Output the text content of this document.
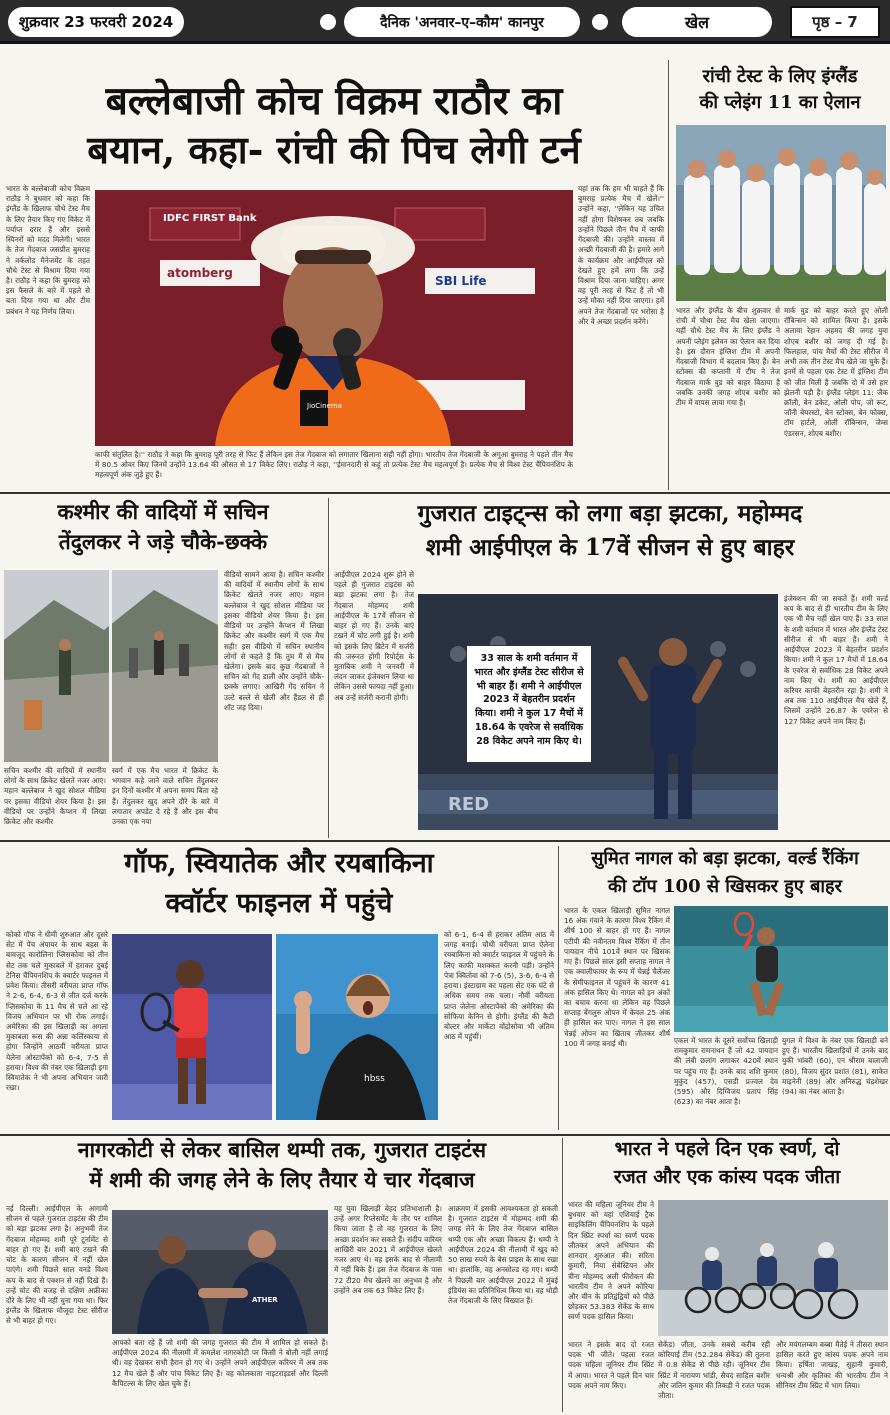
शुक्रवार 23 फरवरी 2024	दैनिक 'अनवार–ए–कौम' कानपुर	खेल	पृष्ठ – 7
बल्लेबाजी कोच विक्रम राठौर का
बयान, कहा- रांची की पिच लेगी टर्न
भारत के बल्लेबाजी कोच विक्रम राठौड़ ने बुधवार को कहा कि इंग्लैंड के खिलाफ चौथे टेस्ट मैच के लिए तैयार किए गए विकेट में पर्याप्त दरार हैं और इससे स्पिनरों को मदद मिलेगी। भारत के तेज गेंदबाज जसप्रीत बुमराह ने वर्कलोड मैनेजमेंट के तहत चौथे टेस्ट से विश्राम दिया गया है। राठौड़ ने कहा कि बुमराह को इस फैसले के बारे में पहले से बता दिया गया था और टीम प्रबंधन ने यह निर्णय लिया।
IDFC FIRST Bank
SBI Life
atomberg
JioCinema
काफी संतुलित है।'' राठौड़ ने कहा कि बुमराह पूरी तरह से फिट हैं लेकिन इस तेज गेंदबाज को लगातार खिलाना सही नहीं होगा। भारतीय तेज गेंदबाजी के अगुआ बुमराह ने पहले तीन मैच में 80.5 ओवर किए जिनमें उन्होंने 13.64 की औसत से 17 विकेट लिए। राठौड़ ने कहा, ''ईमानदारी से कहूं तो प्रत्येक टेस्ट मैच महत्वपूर्ण है। प्रत्येक मैच से विश्व टेस्ट चैंपियनशिप के महत्वपूर्ण अंक जुड़े हुए हैं।
यहां तक कि हम भी चाहते हैं कि बुमराह प्रत्येक मैच में खेलें।'' उन्होंने कहा, ''लेकिन यह उचित नहीं होगा विशेषकर तब जबकि उन्होंने पिछले तीन मैच में काफी गेंदबाजी की। उन्होंने वास्तव में अच्छी गेंदबाजी की है। हमारे आगे के कार्यक्रम और आईपीएल को देखते हुए हमें लगा कि उन्हें विश्राम दिया जाना चाहिए। अगर वह पूरी तरह से फिट हैं तो भी उन्हें मौका नहीं दिया जाएगा। हमें अपने तेज गेंदबाजों पर भरोसा है और वे अच्छा प्रदर्शन करेंगे।
रांची टेस्ट के लिए इंग्लैंड
की प्लेइंग 11 का ऐलान
भारत और इंग्लैंड के बीच शुक्रवार से रांची में चौथा टेस्ट मैच खेला जाएगा। यहीं चौथे टेस्ट मैच के लिए इंग्लैंड ने अपनी प्लेइंग इलेवन का ऐलान कर दिया है। इस दौरान इंग्लिश टीम में अपनी गेंदबाजी विभाग में बदलाव किए हैं। बेन स्टोक्स की कप्तानी में टीम ने तेज गेंदबाज मार्क वुड को बाहर बिठाया है जबकि उनकी जगह शोएब बशीर को टीम में वापस लाया गया है।
मार्क वुड को बाहर करते हुए ओली रॉबिन्सन को शामिल किया है। इसके अलावा रेहान अहमद की जगह युवा शोएब बशीर को जगह दी गई है। फिलहाल, पांच मैचों की टेस्ट सीरीज में अभी तक तीन टेस्ट मैच खेले जा चुके हैं। इनमें से पहला एक टेस्ट में इंग्लिश टीम को जीत मिली है जबकि दो में उसे हार झेलनी पड़ी है। इंग्लैंड प्लेइंग 11: जैक क्रॉली, बेन डकेट, ओली पोप, जो रूट, जॉनी बेयरस्टो, बेन स्टोक्स, बेन फोक्स, टॉम हार्टले, ओली रॉबिन्सन, जेम्स एंडरसन, शोएब बशीर।
कश्मीर की वादियों में सचिन
तेंदुलकर ने जड़े चौके-छक्के
सचिन कश्मीर की वादियों में स्थानीय लोगों के साथ क्रिकेट खेलते नजर आए। महान बल्लेबाज ने खुद सोशल मीडिया पर इसका वीडियो शेयर किया है। इस वीडियो पर उन्होंने कैप्शन में लिखा क्रिकेट और कश्मीर
स्वर्ग में एक मैच भारत में क्रिकेट के भगवान कहे जाने वाले सचिन तेंदुलकर इन दिनों कश्मीर में अपना समय बिता रहे हैं। तेंदुलकर खुद अपने दौरे के बारे में लगातार अपडेट दे रहे हैं और इस बीच उनका एक नया
वीडियो सामने आया है। सचिन कश्मीर की वादियों में स्थानीय लोगों के साथ क्रिकेट खेलते नजर आए। महान बल्लेबाज ने खुद सोशल मीडिया पर इसका वीडियो शेयर किया है। इस वीडियो पर उन्होंने कैप्शन में लिखा क्रिकेट और कश्मीर स्वर्ग में एक मैच सही! इस वीडियो में सचिन स्थानीय लोगों से कहते हैं कि तुम मैं से मैच खेलेगा। इसके बाद कुछ गेंदबाजों ने सचिन को गेंद डाली और उन्होंने चौके-छक्के लगाए। आखिरी गेंद सचिन ने उल्टे बल्ले से खेली और हैंडल से ही शॉट जड़ दिया।
गुजरात टाइट्न्स को लगा बड़ा झटका, महोम्मद
शमी आईपीएल के 17वें सीजन से हुए बाहर
आईपीएल 2024 शुरू होने से पहले ही गुजरात टाइटंस को बड़ा झटका लगा है। तेज गेंदबाज मोहम्मद शमी आईपीएल के 17वें सीजन से बाहर हो गए हैं। उनके बाएं टखने में चोट लगी हुई है। शमी को इसके लिए ब्रिटेन में सर्जरी की जरूरत होगी रिपोर्ट्स के मुताबिक शमी ने जनवरी में लंदन जाकर इंजेक्शन लिया था लेकिन उससे फायदा नहीं हुआ। अब उन्हें सर्जरी करानी होगी।
RED
33 साल के शमी वर्तमान में भारत और इंग्लैंड टेस्ट सीरीज से भी बाहर हैं। शमी ने आईपीएल 2023 में बेहतरीन प्रदर्शन किया। शमी ने कुल 17 मैचों में 18.64 के एवरेज से सर्वाधिक 28 विकेट अपने नाम किए थे।
इंजेक्शन की जा सकते हैं। शमी वर्ल्ड कप के बाद से ही भारतीय टीम के लिए एक भी मैच नहीं खेल पाए हैं। 33 साल के शमी वर्तमान में भारत और इंग्लैंड टेस्ट सीरीज से भी बाहर हैं। शमी ने आईपीएल 2023 में बेहतरीन प्रदर्शन किया। शमी ने कुल 17 मैचों में 18.64 के एवरेज से सर्वाधिक 28 विकेट अपने नाम किए थे। शमी का आईपीएल करियर काफी बेहतरीन रहा है। शमी ने अब तक 110 आईपीएल मैच खेले हैं, जिसमें उन्होंने 26.87 के एवरेज से 127 विकेट अपने नाम किए हैं।
गॉफ, स्वियातेक और रयबाकिना
क्वॉर्टर फाइनल में पहुंचे
कोको गॉफ ने धीमी शुरुआत और दूसरे सेट में पेंच अंपायर के साथ बहस के बावजूद कारोलिना प्लिसकोवा को तीन सेट तक चले मुकाबले में हराकर दुबई टेनिस चैंपियनशिप के क्वार्टर फाइनल में प्रवेश किया। तीसरी वरीयता प्राप्त गॉफ ने 2-6, 6-4, 6-3 से जीत दर्ज करके प्लिसकोवा के 11 मैच से चले आ रहे विजय अभियान पर भी रोक लगाई। अमेरिका की इस खिलाड़ी का अगला मुकाबला रूस की अन्ना कलिंस्काया से होगा जिन्होंने आठवीं वरीयता प्राप्त येलेना ओस्टापेंको को 6-4, 7-5 से हराया। विश्व की नंबर एक खिलाड़ी इगा स्वियातेक ने भी अपना अभियान जारी रखा।
hbss
को 6-1, 6-4 से हराकर अंतिम आठ में जगह बनाई। चौथी वरीयता प्राप्त ऐलेना रयबाकिना को क्वार्टर फाइनल में पहुंचने के लिए काफी मशक्कत करनी पड़ी। उन्होंने पेत्रा क्वितोवा को 7-6 (5), 3-6, 6-4 से हराया। इंस्टाग्राम का पहला सेट एक घंटे से अधिक समय तक चला। नौवीं वरीयता प्राप्त जेलेना ओस्टापेंको की अमेरिका की सोफिया केनिन से होगी। इंग्लैंड की कैटी बोल्टर और मार्केटा वोंद्रोसोवा भी अंतिम आठ में पहुंचीं।
सुमित नागल को बड़ा झटका, वर्ल्ड रैंकिंग
की टॉप 100 से खिसकर हुए बाहर
भारत के एकल खिलाड़ी सुमित नागल 16 अंक गंवाने के कारण विश्व रैंकिंग में शीर्ष 100 से बाहर हो गए हैं। नागल एटीपी की नवीनतम विश्व रैंकिंग में तीन पायदान नीचे 101वें स्थान पर खिसक गए हैं। पिछले साल इसी सप्ताह नागल ने एक क्वालीफायर के रूप में चेन्नई चैलेंजर के सेमीफाइनल में पहुंचने के कारण 41 अंक हासिल किए थे। नागल को इन अंकों का बचाव करना था लेकिन वह पिछले सप्ताह बेंगलुरु ओपन में केवल 25 अंक ही हासिल कर पाए। नागल ने इस साल चेन्नई ओपन का खिताब जीतकर शीर्ष 100 में जगह बनाई थी।	एकल में भारत के दूसरे सर्वोच्च खिलाड़ी रामकुमार रामनाथन हैं जो 42 पायदान की लंबी छलांग लगाकर 420वें स्थान पर पहुंच गए हैं। उनके बाद शशि कुमार मुकुंद (457), एसडी प्रज्वल देव (595) और दिग्विजय प्रताप सिंह (623) का नंबर आता है।
युगल में विश्व के नंबर एक खिलाड़ी बने हुए हैं। भारतीय खिलाड़ियों में उनके बाद युकी भांबरी (60), एन श्रीराम बालाजी (80), विजय सुंदर प्रशांत (81), साकेत माइनेनी (89) और अनिरुद्ध चंद्रशेखर (94) का नंबर आता है।
नागरकोटी से लेकर बासिल थम्पी तक, गुजरात टाइटंस
में शमी की जगह लेने के लिए तैयार ये चार गेंदबाज
नई दिल्ली। आईपीएल के आगामी सीजन से पहले गुजरात टाइटंस की टीम को बड़ा झटका लगा है। अनुभवी तेज गेंदबाज मोहम्मद शमी पूरे टूर्नामेंट से बाहर हो गए हैं। शमी बाएं टखने की चोट के कारण सीजन में नहीं खेल पाएंगे। शमी पिछले साल वनडे विश्व कप के बाद से एक्शन से नहीं दिखे हैं। उन्हें चोट की वजह से दक्षिण अफ्रीका दौरे के लिए भी नहीं चुना गया था। फिर इंग्लैंड के खिलाफ मौजूदा टेस्ट सीरीज से भी बाहर हो गए।
ATHER
आपको बता रहे हैं जो शमी की जगह गुजरात की टीम में शामिल हो सकते हैं। आईपीएल 2024 की नीलामी में कमलेश नागरकोटी पर किसी ने बोली नहीं लगाई थी। वह देखकर सभी हैरान हो गए थे। उन्होंने अपने आईपीएल करियर में अब तक 12 मैच खेले हैं और पांच विकेट लिए हैं। वह कोलकाता नाइटराइडर्स और दिल्ली कैपिटल्स के लिए खेल चुके हैं।
यह युवा खिलाड़ी बेहद प्रतिभाशाली है। उन्हें अगर रिप्लेसमेंट के तौर पर शामिल किया जाता है तो वह गुजरात के लिए अच्छा प्रदर्शन कर सकते हैं। संदीप वारियर आखिरी बार 2021 में आईपीएल खेलते नजर आए थे। वह इसके बाद से नीलामी में नहीं बिके हैं। इस तेज गेंदबाज के पास 72 टी20 मैच खेलने का अनुभव है और उन्होंने अब तक 63 विकेट लिए हैं।
आक्रमण में इसकी आवश्यकता हो सकती है। गुजरात टाइटंस में मोहम्मद शमी की जगह लेने के लिए तेज गेंदबाज बासिल थम्पी एक और अच्छा विकल्प हैं। थम्पी ने आईपीएल 2024 की नीलामी में खुद को 50 लाख रुपये के बेस प्राइस के साथ रखा था। हालांकि, वह अनसोल्ड रह गए। थम्पी ने पिछली बार आईपीएल 2022 में मुंबई इंडियंस का प्रतिनिधित्व किया था। वह थोड़ी तेज गेंदबाजी के लिए विख्यात हैं।
भारत ने पहले दिन एक स्वर्ण, दो
रजत और एक कांस्य पदक जीता
भारत की महिला जूनियर टीम ने बुधवार को यहां एशियाई ट्रैक साइकिलिंग चैंपियनशिप के पहले दिन स्प्रिंट स्पर्धा का स्वर्ण पदक जीतकर अपने अभियान की शानदार शुरुआत की। सरिता कुमारी, निया सेबेस्टियन और त्रीना मोहम्मद अली फीरोकन की भारतीय टीम ने अपने कोरिया और चीन के प्रतिद्वंद्वियों को पीछे छोड़कर 53.383 सेकेंड के साथ स्वर्ण पदक हासिल किया।
भारत ने इसके बाद दो रजत पदक भी जीते। पहला रजत पदक महिला जूनियर टीम स्प्रिंट में आया। भारत ने पहले दिन चार पदक अपने नाम किए।
सेकेंड) जीता, उनके सबसे करीब रही कोरियाई टीम (52.284 सेकेंड) की तुलना में 0.8 सेकेंड से पीछे रही। जूनियर टीम स्प्रिंट में नारायण भांडी, सैयद साहिल बशीर और जतिन कुमार की तिकड़ी ने रजत पदक जीता।
और मयंगलम्बम बब्बा मैतेई ने तीसरा स्थान हासिल करते हुए कांस्य पदक अपने नाम किया। हर्षिता जाखड़, सुहानी कुमारी, धन्यश्री और कृतिका की भारतीय टीम ने सीनियर टीम स्प्रिंट में भाग लिया।
